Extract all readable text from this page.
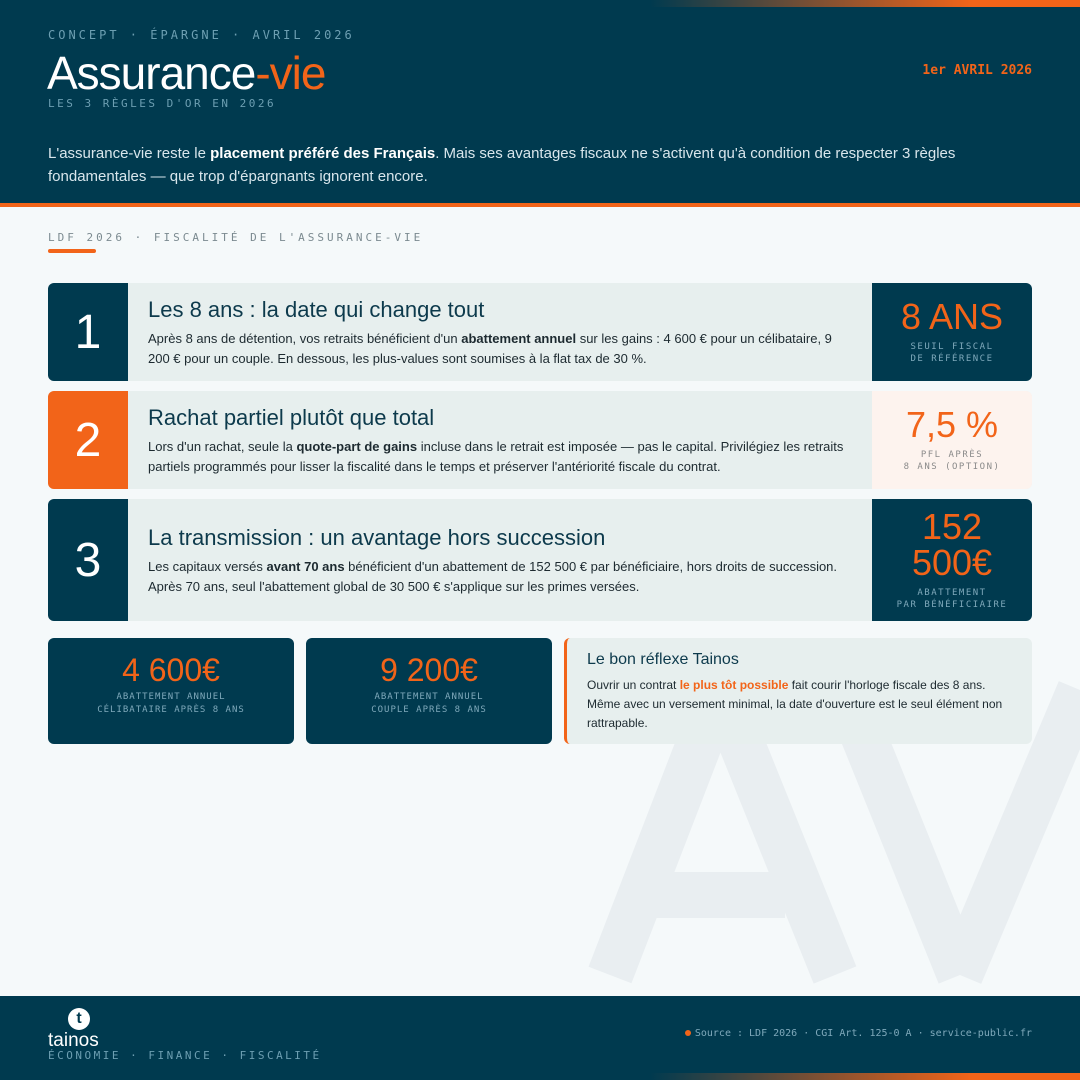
CONCEPT · ÉPARGNE · AVRIL 2026
Assurance-vie
LES 3 RÈGLES D'OR EN 2026
1er AVRIL 2026
L'assurance-vie reste le placement préféré des Français. Mais ses avantages fiscaux ne s'activent qu'à condition de respecter 3 règles fondamentales — que trop d'épargnants ignorent encore.
LDF 2026 · FISCALITÉ DE L'ASSURANCE-VIE
1	Les 8 ans : la date qui change tout
Après 8 ans de détention, vos retraits bénéficient d'un abattement annuel sur les gains : 4 600 € pour un célibataire, 9 200 € pour un couple. En dessous, les plus-values sont soumises à la flat tax de 30 %.
8 ANS
SEUIL FISCAL
DE RÉFÉRENCE
2	Rachat partiel plutôt que total
Lors d'un rachat, seule la quote-part de gains incluse dans le retrait est imposée — pas le capital. Privilégiez les retraits partiels programmés pour lisser la fiscalité dans le temps et préserver l'antériorité fiscale du contrat.
7,5 %
PFL APRÈS
8 ANS (OPTION)
3	La transmission : un avantage hors succession
Les capitaux versés avant 70 ans bénéficient d'un abattement de 152 500 € par bénéficiaire, hors droits de succession. Après 70 ans, seul l'abattement global de 30 500 € s'applique sur les primes versées.
152
500€
ABATTEMENT
PAR BÉNÉFICIAIRE
4 600€
ABATTEMENT ANNUEL
CÉLIBATAIRE APRÈS 8 ANS
9 200€
ABATTEMENT ANNUEL
COUPLE APRÈS 8 ANS
Le bon réflexe Tainos
Ouvrir un contrat le plus tôt possible fait courir l'horloge fiscale des 8 ans. Même avec un versement minimal, la date d'ouverture est le seul élément non rattrapable.
t
tainos
ÉCONOMIE · FINANCE · FISCALITÉ
Source : LDF 2026 · CGI Art. 125-0 A · service-public.fr
